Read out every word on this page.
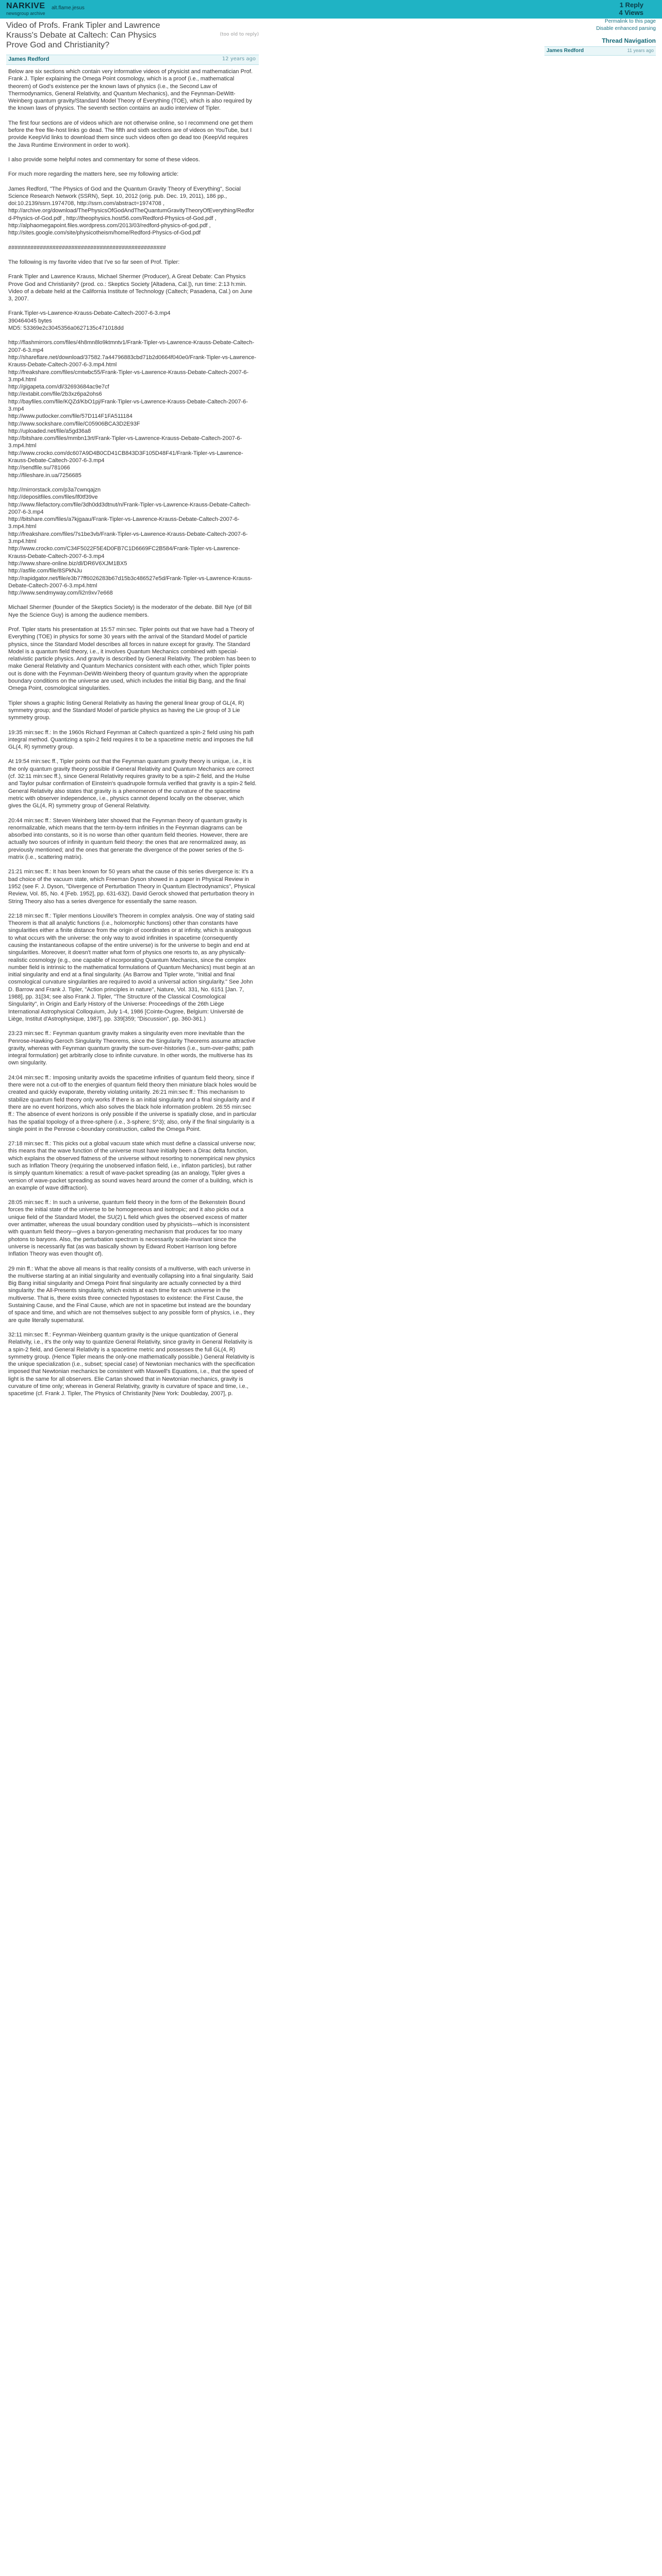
NARKIVE
newsgroup archive
alt.flame.jesus	1 Reply
4 Views
Video of Profs. Frank Tipler and Lawrence Krauss's Debate at Caltech: Can Physics Prove God and Christianity?
(too old to reply)
James Redford	12 years ago

Below are six sections which contain very informative videos of physicist and mathematician Prof. Frank J. Tipler explaining the Omega Point cosmology, which is a proof (i.e., mathematical theorem) of God's existence per the known laws of physics (i.e., the Second Law of Thermodynamics, General Relativity, and Quantum Mechanics), and the Feynman-DeWitt-Weinberg quantum gravity/Standard Model Theory of Everything (TOE), which is also required by the known laws of physics. The seventh section contains an audio interview of Tipler.

The first four sections are of videos which are not otherwise online, so I recommend one get them before the free file-host links go dead. The fifth and sixth sections are of videos on YouTube, but I provide KeepVid links to download them since such videos often go dead too (KeepVid requires the Java Runtime Environment in order to work).

I also provide some helpful notes and commentary for some of these videos.

For much more regarding the matters here, see my following article:

James Redford, "The Physics of God and the Quantum Gravity Theory of Everything", Social Science Research Network (SSRN), Sept. 10, 2012 (orig. pub. Dec. 19, 2011), 186 pp., doi:10.2139/ssrn.1974708, http://ssrn.com/abstract=1974708 , http://archive.org/download/ThePhysicsOfGodAndTheQuantumGravityTheoryOfEverything/Redford-Physics-of-God.pdf , http://theophysics.host56.com/Redford-Physics-of-God.pdf , http://alphaomegapoint.files.wordpress.com/2013/03/redford-physics-of-god.pdf , http://sites.google.com/site/physicotheism/home/Redford-Physics-of-God.pdf

##################################################

The following is my favorite video that I've so far seen of Prof. Tipler:

Frank Tipler and Lawrence Krauss, Michael Shermer (Producer), A Great Debate: Can Physics Prove God and Christianity? (prod. co.: Skeptics Society [Altadena, Cal.]), run time: 2:13 h:min. Video of a debate held at the California Institute of Technology (Caltech; Pasadena, Cal.) on June 3, 2007.

Frank.Tipler-vs-Lawrence-Krauss-Debate-Caltech-2007-6-3.mp4
390464045 bytes
MD5: 53369e2c3045356a0627135c471018dd

http://flashmirrors.com/files/4h8mn8lo9ktmntv1/Frank-Tipler-vs-Lawrence-Krauss-Debate-Caltech-2007-6-3.mp4
http://shareflare.net/download/37582.7a44796883cbd71b2d0664f040e0/Frank-Tipler-vs-Lawrence-Krauss-Debate-Caltech-2007-6-3.mp4.html
http://freakshare.com/files/cmtwbc55/Frank-Tipler-vs-Lawrence-Krauss-Debate-Caltech-2007-6-3.mp4.html
http://gigapeta.com/dl/32693684ac9e7cf
http://extabit.com/file/2b3xz6pa2ohs6
http://bayfiles.com/file/KQZd/KbO1pj/Frank-Tipler-vs-Lawrence-Krauss-Debate-Caltech-2007-6-3.mp4
http://www.putlocker.com/file/57D114F1FA511184
http://www.sockshare.com/file/C05906BCA3D2E93F
http://uploaded.net/file/a5gd36a8
http://bitshare.com/files/mmbn13rt/Frank-Tipler-vs-Lawrence-Krauss-Debate-Caltech-2007-6-3.mp4.html
http://www.crocko.com/dc607A9D4B0CD41CB843D3F105D48F41/Frank-Tipler-vs-Lawrence-Krauss-Debate-Caltech-2007-6-3.mp4
http://sendfile.su/781066
http://fileshare.in.ua/7256685

http://mirrorstack.com/p3a7cwnqajzn
http://depositfiles.com/files/lf0tf39ve
http://www.filefactory.com/file/3dh0dd3dtnut/n/Frank-Tipler-vs-Lawrence-Krauss-Debate-Caltech-2007-6-3.mp4
http://bitshare.com/files/a7kjgaau/Frank-Tipler-vs-Lawrence-Krauss-Debate-Caltech-2007-6-3.mp4.html
http://freakshare.com/files/7s1be3vb/Frank-Tipler-vs-Lawrence-Krauss-Debate-Caltech-2007-6-3.mp4.html
http://www.crocko.com/C34F5022F5E4D0FB7C1D6669FC2B584/Frank-Tipler-vs-Lawrence-Krauss-Debate-Caltech-2007-6-3.mp4
http://www.share-online.biz/dl/DR6V6XJM1BX5
http://asfile.com/file/8SPkNJu
http://rapidgator.net/file/e3b77ff6026283b67d15b3c486527e5d/Frank-Tipler-vs-Lawrence-Krauss-Debate-Caltech-2007-6-3.mp4.html
http://www.sendmyway.com/li2n9xv7e668

Michael Shermer (founder of the Skeptics Society) is the moderator of the debate. Bill Nye (of Bill Nye the Science Guy) is among the audience members.

Prof. Tipler starts his presentation at 15:57 min:sec. Tipler points out that we have had a Theory of Everything (TOE) in physics for some 30 years with the arrival of the Standard Model of particle physics, since the Standard Model describes all forces in nature except for gravity. The Standard Model is a quantum field theory, i.e., it involves Quantum Mechanics combined with special-relativistic particle physics. And gravity is described by General Relativity. The problem has been to make General Relativity and Quantum Mechanics consistent with each other, which Tipler points out is done with the Feynman-DeWitt-Weinberg theory of quantum gravity when the appropriate boundary conditions on the universe are used, which includes the initial Big Bang, and the final Omega Point, cosmological singularities.

Tipler shows a graphic listing General Relativity as having the general linear group of GL(4, R) symmetry group; and the Standard Model of particle physics as having the Lie group of 3 Lie symmetry group.

19:35 min:sec ff.: In the 1960s Richard Feynman at Caltech quantized a spin-2 field using his path integral method. Quantizing a spin-2 field requires it to be a spacetime metric and imposes the full GL(4, R) symmetry group.

At 19:54 min:sec ff., Tipler points out that the Feynman quantum gravity theory is unique, i.e., it is the only quantum gravity theory possible if General Relativity and Quantum Mechanics are correct (cf. 32:11 min:sec ff.), since General Relativity requires gravity to be a spin-2 field, and the Hulse and Taylor pulsar confirmation of Einstein's quadrupole formula verified that gravity is a spin-2 field. General Relativity also states that gravity is a phenomenon of the curvature of the spacetime metric with observer independence, i.e., physics cannot depend locally on the observer, which gives the GL(4, R) symmetry group of General Relativity.

20:44 min:sec ff.: Steven Weinberg later showed that the Feynman theory of quantum gravity is renormalizable, which means that the term-by-term infinities in the Feynman diagrams can be absorbed into constants, so it is no worse than other quantum field theories. However, there are actually two sources of infinity in quantum field theory: the ones that are renormalized away, as previously mentioned; and the ones that generate the divergence of the power series of the S-matrix (i.e., scattering matrix).

21:21 min:sec ff.: It has been known for 50 years what the cause of this series divergence is: it's a bad choice of the vacuum state, which Freeman Dyson showed in a paper in Physical Review in 1952 (see F. J. Dyson, "Divergence of Perturbation Theory in Quantum Electrodynamics", Physical Review, Vol. 85, No. 4 [Feb. 1952], pp. 631-632). David Gerock showed that perturbation theory in String Theory also has a series divergence for essentially the same reason.

22:18 min:sec ff.: Tipler mentions Liouville's Theorem in complex analysis. One way of stating said Theorem is that all analytic functions (i.e., holomorphic functions) other than constants have singularities either a finite distance from the origin of coordinates or at infinity, which is analogous to what occurs with the universe: the only way to avoid infinities in spacetime (consequently causing the instantaneous collapse of the entire universe) is for the universe to begin and end at singularities. Moreover, it doesn't matter what form of physics one resorts to, as any physically-realistic cosmology (e.g., one capable of incorporating Quantum Mechanics, since the complex number field is intrinsic to the mathematical formulations of Quantum Mechanics) must begin at an initial singularity and end at a final singularity. (As Barrow and Tipler wrote, "Initial and final cosmological curvature singularities are required to avoid a universal action singularity." See John D. Barrow and Frank J. Tipler, "Action principles in nature", Nature, Vol. 331, No. 6151 [Jan. 7, 1988], pp. 31[34; see also Frank J. Tipler, "The Structure of the Classical Cosmological Singularity", in Origin and Early History of the Universe: Proceedings of the 26th Liège International Astrophysical Colloquium, July 1-4, 1986 [Cointe-Ougree, Belgium: Université de Liège, Institut d'Astrophysique, 1987], pp. 339[359; "Discussion", pp. 360-361.)

23:23 min:sec ff.: Feynman quantum gravity makes a singularity even more inevitable than the Penrose-Hawking-Geroch Singularity Theorems, since the Singularity Theorems assume attractive gravity, whereas with Feynman quantum gravity the sum-over-histories (i.e., sum-over-paths; path integral formulation) get arbitrarily close to infinite curvature. In other words, the multiverse has its own singularity.

24:04 min:sec ff.: Imposing unitarity avoids the spacetime infinities of quantum field theory, since if there were not a cut-off to the energies of quantum field theory then miniature black holes would be created and quickly evaporate, thereby violating unitarity. 26:21 min:sec ff.: This mechanism to stabilize quantum field theory only works if there is an initial singularity and a final singularity and if there are no event horizons, which also solves the black hole information problem. 26:55 min:sec ff.: The absence of event horizons is only possible if the universe is spatially close, and in particular has the spatial topology of a three-sphere (i.e., 3-sphere; S^3); also, only if the final singularity is a single point in the Penrose c-boundary construction, called the Omega Point.

27:18 min:sec ff.: This picks out a global vacuum state which must define a classical universe now; this means that the wave function of the universe must have initially been a Dirac delta function, which explains the observed flatness of the universe without resorting to nonempirical new physics such as Inflation Theory (requiring the unobserved inflation field, i.e., inflaton particles), but rather is simply quantum kinematics: a result of wave-packet spreading (as an analogy, Tipler gives a version of wave-packet spreading as sound waves heard around the corner of a building, which is an example of wave diffraction).

28:05 min:sec ff.: In such a universe, quantum field theory in the form of the Bekenstein Bound forces the initial state of the universe to be homogeneous and isotropic; and it also picks out a unique field of the Standard Model, the SU(2) L field which gives the observed excess of matter over antimatter, whereas the usual boundary condition used by physicists—which is inconsistent with quantum field theory—gives a baryon-generating mechanism that produces far too many photons to baryons. Also, the perturbation spectrum is necessarily scale-invariant since the universe is necessarily flat (as was basically shown by Edward Robert Harrison long before Inflation Theory was even thought of).

29 min ff.: What the above all means is that reality consists of a multiverse, with each universe in the multiverse starting at an initial singularity and eventually collapsing into a final singularity. Said Big Bang initial singularity and Omega Point final singularity are actually connected by a third singularity: the All-Presents singularity, which exists at each time for each universe in the multiverse. That is, there exists three connected hypostases to existence: the First Cause, the Sustaining Cause, and the Final Cause, which are not in spacetime but instead are the boundary of space and time, and which are not themselves subject to any possible form of physics, i.e., they are quite literally supernatural.

32:11 min:sec ff.: Feynman-Weinberg quantum gravity is the unique quantization of General Relativity, i.e., it's the only way to quantize General Relativity, since gravity in General Relativity is a spin-2 field, and General Relativity is a spacetime metric and possesses the full GL(4, R) symmetry group. (Hence Tipler means the only-one mathematically possible.) General Relativity is the unique specialization (i.e., subset; special case) of Newtonian mechanics with the specification imposed that Newtonian mechanics be consistent with Maxwell's Equations, i.e., that the speed of light is the same for all observers. Elie Cartan showed that in Newtonian mechanics, gravity is curvature of time only; whereas in General Relativity, gravity is curvature of space and time, i.e., spacetime (cf. Frank J. Tipler, The Physics of Christianity [New York: Doubleday, 2007], p.

Permalink to this page
Disable enhanced parsing
Thread Navigation
James Redford	11 years ago
